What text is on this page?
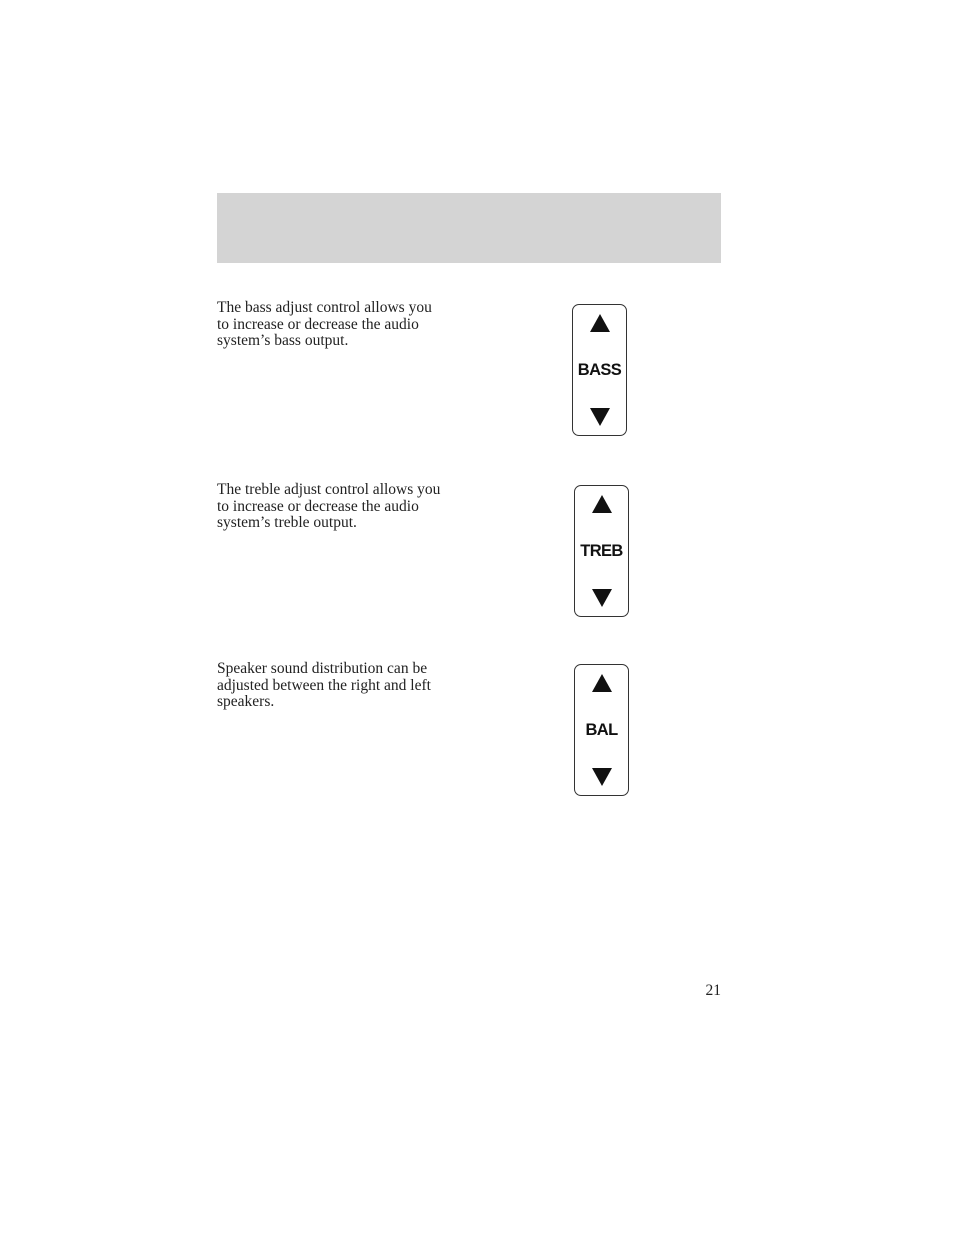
The bass adjust control allows you
to increase or decrease the audio
system’s bass output.

BASS

The treble adjust control allows you
to increase or decrease the audio
system’s treble output.

TREB

Speaker sound distribution can be
adjusted between the right and left
speakers.

BAL
21
